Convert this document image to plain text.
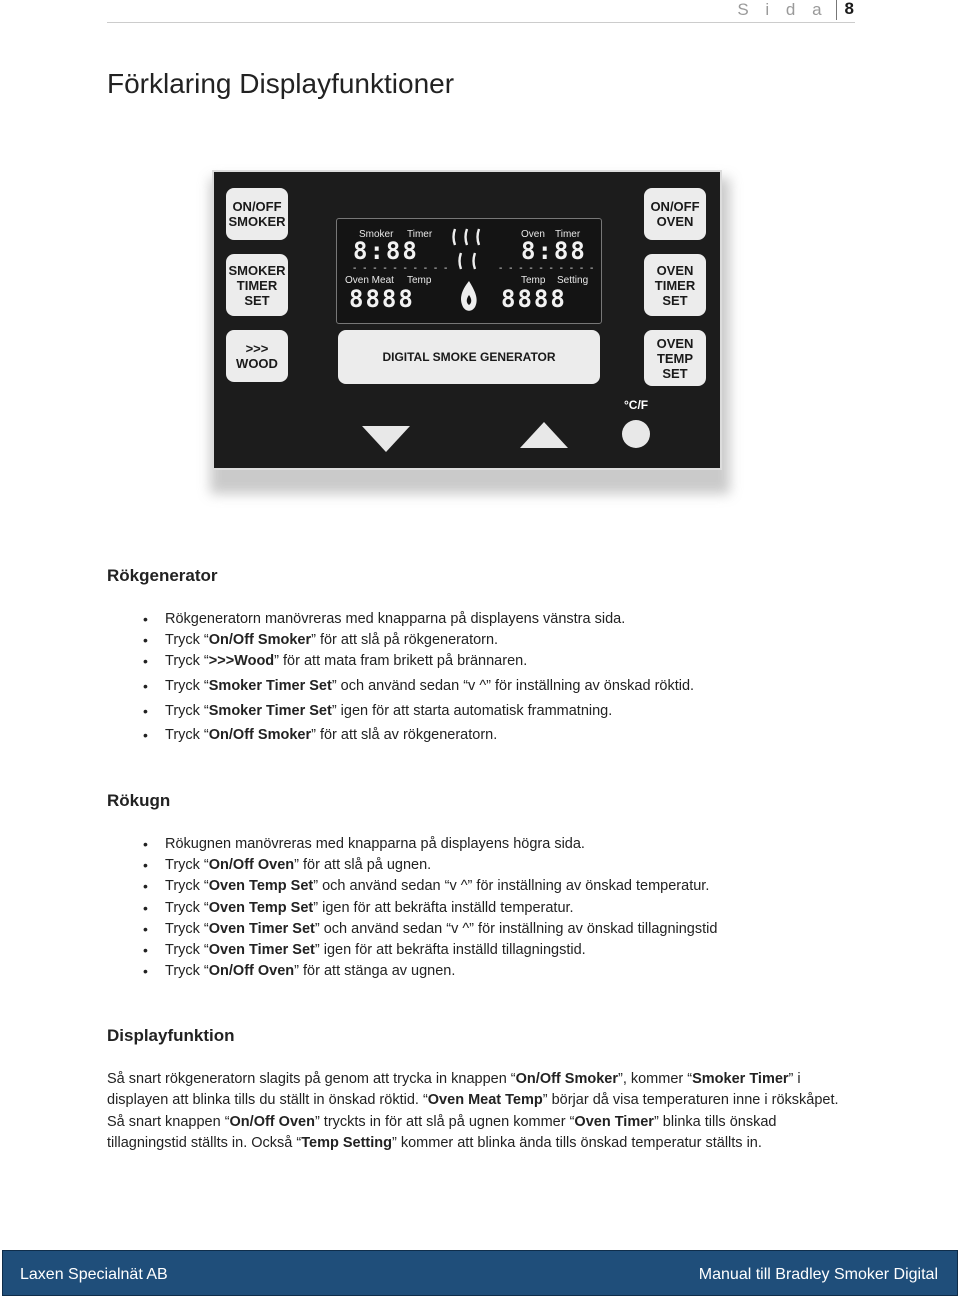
S i d a	8
Förklaring Displayfunktioner
ON/OFF
SMOKER
SMOKER
TIMER
SET
>>>
WOOD
ON/OFF
OVEN
OVEN
TIMER
SET
OVEN
TEMP
SET
Smoker Timer	Oven Timer
8:88	8:88
- - - - - - - - - -	- - - - - - - - - -
Oven Meat Temp	Temp Setting
8888	8888
DIGITAL SMOKE GENERATOR
°C/F
Rökgenerator
• Rökgeneratorn manövreras med knapparna på displayens vänstra sida.
• Tryck “On/Off Smoker” för att slå på rökgeneratorn.
• Tryck “>>>Wood” för att mata fram brikett på brännaren.
• Tryck “Smoker Timer Set” och använd sedan “v ^” för inställning av önskad röktid.
• Tryck “Smoker Timer Set” igen för att starta automatisk frammatning.
• Tryck “On/Off Smoker” för att slå av rökgeneratorn.
Rökugn
• Rökugnen manövreras med knapparna på displayens högra sida.
• Tryck “On/Off Oven” för att slå på ugnen.
• Tryck “Oven Temp Set” och använd sedan “v ^” för inställning av önskad temperatur.
• Tryck “Oven Temp Set” igen för att bekräfta inställd temperatur.
• Tryck “Oven Timer Set” och använd sedan “v ^” för inställning av önskad tillagningstid
• Tryck “Oven Timer Set” igen för att bekräfta inställd tillagningstid.
• Tryck “On/Off Oven” för att stänga av ugnen.
Displayfunktion
Så snart rökgeneratorn slagits på genom att trycka in knappen “On/Off Smoker”, kommer “Smoker Timer” i displayen att blinka tills du ställt in önskad röktid. “Oven Meat Temp” börjar då visa temperaturen inne i rökskåpet. Så snart knappen “On/Off Oven” tryckts in för att slå på ugnen kommer “Oven Timer” blinka tills önskad tillagningstid ställts in. Också “Temp Setting” kommer att blinka ända tills önskad temperatur ställts in.
Laxen Specialnät AB	Manual till Bradley Smoker Digital
